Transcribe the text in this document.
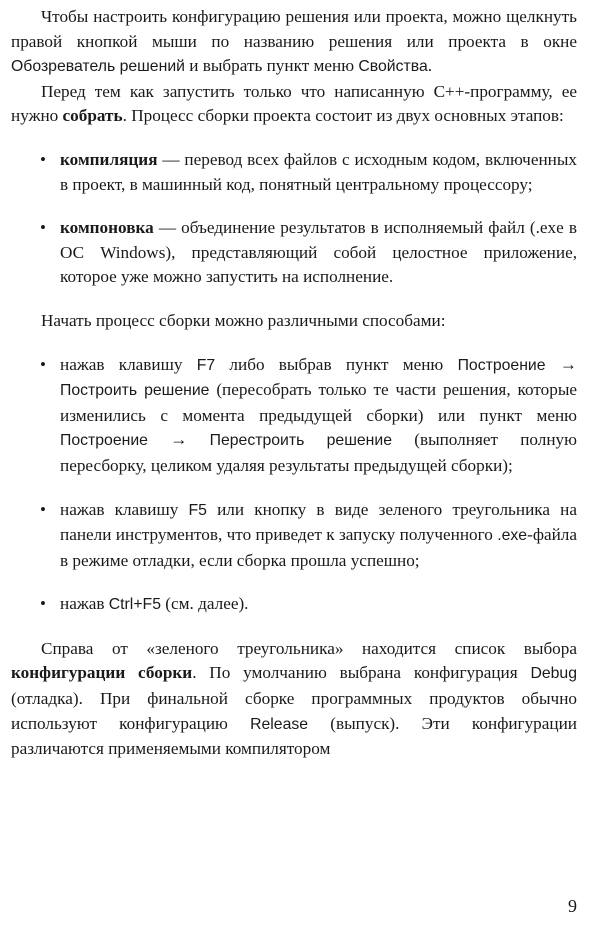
Чтобы настроить конфигурацию решения или проекта, можно щелкнуть правой кнопкой мыши по названию решения или проекта в окне Обозреватель решений и выбрать пункт меню Свойства.

Перед тем как запустить только что написанную С++-программу, ее нужно собрать. Процесс сборки проекта состоит из двух основных этапов:

• компиляция — перевод всех файлов с исходным кодом, включенных в проект, в машинный код, понятный центральному процессору;
• компоновка — объединение результатов в исполняемый файл (.exe в ОС Windows), представляющий собой целостное приложение, которое уже можно запустить на исполнение.

Начать процесс сборки можно различными способами:

• нажав клавишу F7 либо выбрав пункт меню Построение → Построить решение (пересобрать только те части решения, которые изменились с момента предыдущей сборки) или пункт меню Построение → Перестроить решение (выполняет полную пересборку, целиком удаляя результаты предыдущей сборки);
• нажав клавишу F5 или кнопку в виде зеленого треугольника на панели инструментов, что приведет к запуску полученного .exe-файла в режиме отладки, если сборка прошла успешно;
• нажав Ctrl+F5 (см. далее).

Справа от «зеленого треугольника» находится список выбора конфигурации сборки. По умолчанию выбрана конфигурация Debug (отладка). При финальной сборке программных продуктов обычно используют конфигурацию Release (выпуск). Эти конфигурации различаются применяемыми компилятором

9
